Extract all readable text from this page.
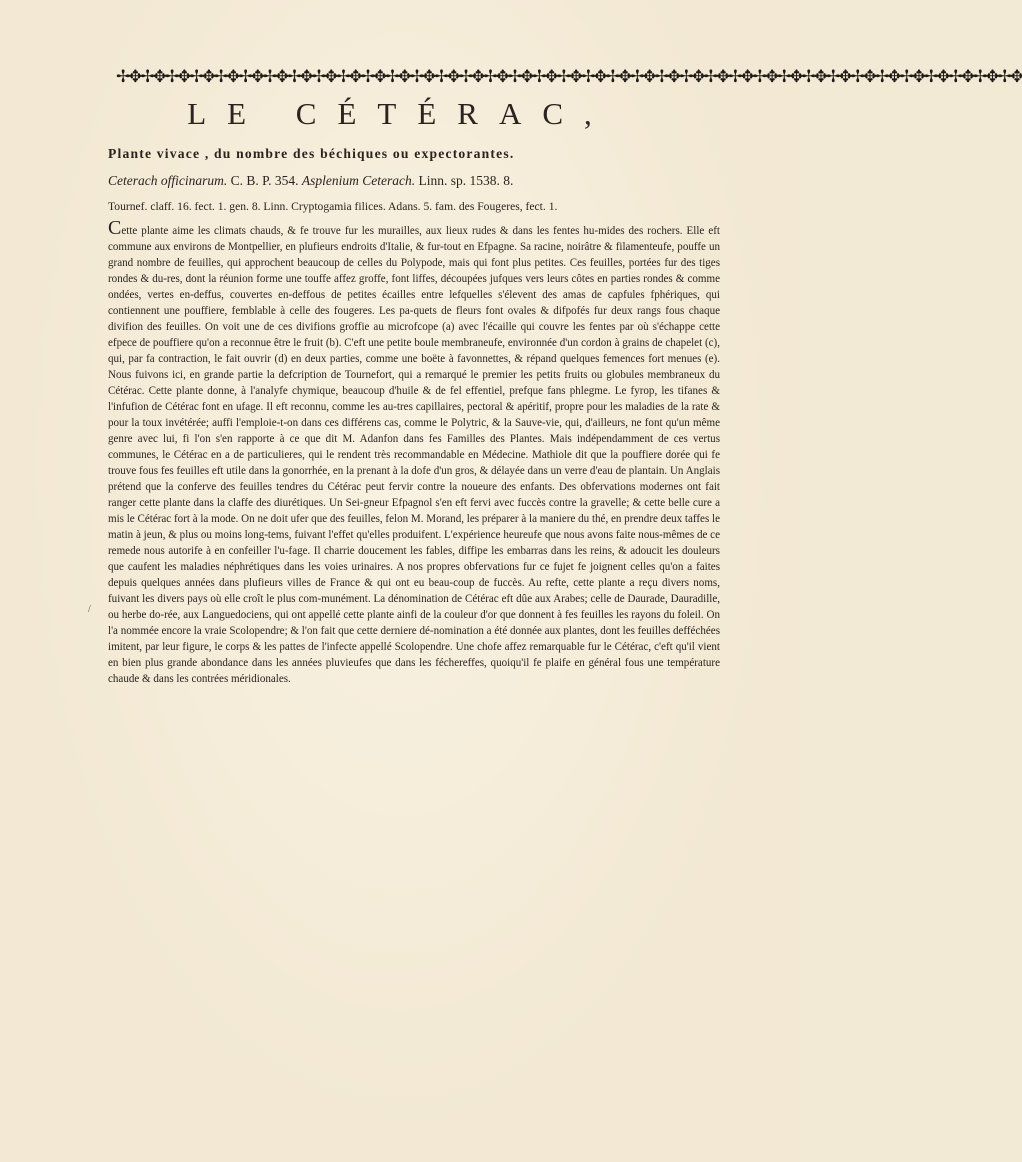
✢✥✢✥✢✥✢✥✢✥✢✥✢✥✢✥✢✥✢✥✢✥✢✥✢✥✢✥✢✥✢✥✢✥✢✥✢✥✢✥✢✥✢✥✢✥✢✥✢✥✢✥✢✥✢✥✢✥✢✥✢✥✢✥✢✥✢✥✢✥✢✥✢✥
LE CÉTÉRAC,
Plante vivace , du nombre des béchiques ou expectorantes.
Ceterach officinarum. C. B. P. 354. Asplenium Ceterach. Linn. sp. 1538. 8.
Tournef. claff. 16. fect. 1. gen. 8. Linn. Cryptogamia filices. Adans. 5. fam. des Fougeres, fect. 1.
Cette plante aime les climats chauds, & fe trouve fur les murailles, aux lieux rudes & dans les fentes hu-mides des rochers. Elle eft commune aux environs de Montpellier, en plufieurs endroits d'Italie, & fur-tout en Efpagne. Sa racine, noirâtre & filamenteufe, pouffe un grand nombre de feuilles, qui approchent beaucoup de celles du Polypode, mais qui font plus petites. Ces feuilles, portées fur des tiges rondes & du-res, dont la réunion forme une touffe affez groffe, font liffes, découpées jufques vers leurs côtes en parties rondes & comme ondées, vertes en-deffus, couvertes en-deffous de petites écailles entre lefquelles s'élevent des amas de capfules fphériques, qui contiennent une pouffiere, femblable à celle des fougeres. Les pa-quets de fleurs font ovales & difpofés fur deux rangs fous chaque divifion des feuilles. On voit une de ces divifions groffie au microfcope (a) avec l'écaille qui couvre les fentes par où s'échappe cette efpece de pouffiere qu'on a reconnue être le fruit (b). C'eft une petite boule membraneufe, environnée d'un cordon à grains de chapelet (c), qui, par fa contraction, le fait ouvrir (d) en deux parties, comme une boëte à favonnettes, & répand quelques femences fort menues (e). Nous fuivons ici, en grande partie la defcription de Tournefort, qui a remarqué le premier les petits fruits ou globules membraneux du Cétérac. Cette plante donne, à l'analyfe chymique, beaucoup d'huile & de fel effentiel, prefque fans phlegme. Le fyrop, les tifanes & l'infufion de Cétérac font en ufage. Il eft reconnu, comme les au-tres capillaires, pectoral & apéritif, propre pour les maladies de la rate & pour la toux invétérée; auffi l'emploie-t-on dans ces différens cas, comme le Polytric, & la Sauve-vie, qui, d'ailleurs, ne font qu'un même genre avec lui, fi l'on s'en rapporte à ce que dit M. Adanfon dans fes Familles des Plantes. Mais indépendamment de ces vertus communes, le Cétérac en a de particulieres, qui le rendent très recommandable en Médecine. Mathiole dit que la pouffiere dorée qui fe trouve fous fes feuilles eft utile dans la gonorrhée, en la prenant à la dofe d'un gros, & délayée dans un verre d'eau de plantain. Un Anglais prétend que la conferve des feuilles tendres du Cétérac peut fervir contre la noueure des enfants. Des obfervations modernes ont fait ranger cette plante dans la claffe des diurétiques. Un Sei-gneur Efpagnol s'en eft fervi avec fuccès contre la gravelle; & cette belle cure a mis le Cétérac fort à la mode. On ne doit ufer que des feuilles, felon M. Morand, les préparer à la maniere du thé, en prendre deux taffes le matin à jeun, & plus ou moins long-tems, fuivant l'effet qu'elles produifent. L'expérience heureufe que nous avons faite nous-mêmes de ce remede nous autorife à en confeiller l'u-fage. Il charrie doucement les fables, diffipe les embarras dans les reins, & adoucit les douleurs que caufent les maladies néphrétiques dans les voies urinaires. A nos propres obfervations fur ce fujet fe joignent celles qu'on a faites depuis quelques années dans plufieurs villes de France & qui ont eu beau-coup de fuccès. Au refte, cette plante a reçu divers noms, fuivant les divers pays où elle croît le plus com-munément. La dénomination de Cétérac eft dûe aux Arabes; celle de Daurade, Dauradille, ou herbe do-rée, aux Languedociens, qui ont appellé cette plante ainfi de la couleur d'or que donnent à fes feuilles les rayons du foleil. On l'a nommée encore la vraie Scolopendre; & l'on fait que cette derniere dé-nomination a été donnée aux plantes, dont les feuilles defféchées imitent, par leur figure, le corps & les pattes de l'infecte appellé Scolopendre. Une chofe affez remarquable fur le Cétérac, c'eft qu'il vient en bien plus grande abondance dans les années pluvieufes que dans les féchereffes, quoiqu'il fe plaife en général fous une température chaude & dans les contrées méridionales.
/
